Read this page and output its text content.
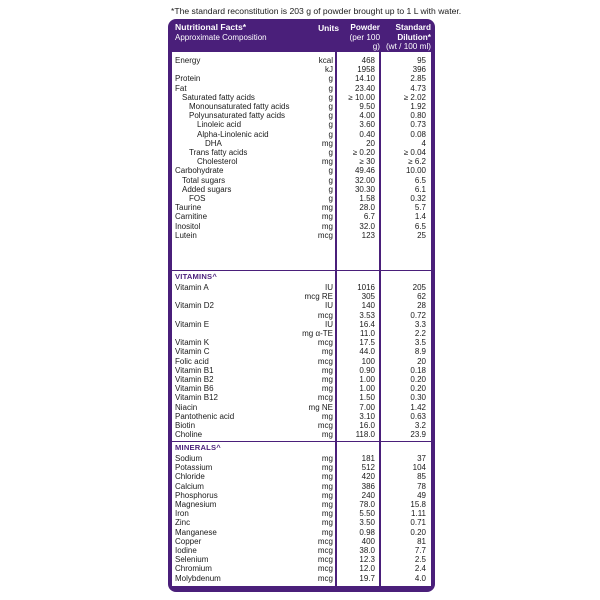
*The standard reconstitution is 203 g of powder brought up to 1 L with water.
Nutritional Facts*
Approximate Composition
Units	Powder
(per 100 g)
Standard
Dilution*
(wt / 100 ml)
Energy	kcal	468	95
kJ	1958	396
Protein	g	14.10	2.85
Fat	g	23.40	4.73
Saturated fatty acids	g	≥ 10.00	≥ 2.02
Monounsaturated fatty acids	g	9.50	1.92
Polyunsaturated fatty acids	g	4.00	0.80
Linoleic acid	g	3.60	0.73
Alpha-Linolenic acid	g	0.40	0.08
DHA	mg	20	4
Trans fatty acids	g	≥ 0.20	≥ 0.04
Cholesterol	mg	≥ 30	≥ 6.2
Carbohydrate	g	49.46	10.00
Total sugars	g	32.00	6.5
Added sugars	g	30.30	6.1
FOS	g	1.58	0.32
Taurine	mg	28.0	5.7
Carnitine	mg	6.7	1.4
Inositol	mg	32.0	6.5
Lutein	mcg	123	25
VITAMINS^
Vitamin A	IU	1016	205
mcg RE	305	62
Vitamin D2	IU	140	28
mcg	3.53	0.72
Vitamin E	IU	16.4	3.3
mg α-TE	11.0	2.2
Vitamin K	mcg	17.5	3.5
Vitamin C	mg	44.0	8.9
Folic acid	mcg	100	20
Vitamin B1	mg	0.90	0.18
Vitamin B2	mg	1.00	0.20
Vitamin B6	mg	1.00	0.20
Vitamin B12	mcg	1.50	0.30
Niacin	mg NE	7.00	1.42
Pantothenic acid	mg	3.10	0.63
Biotin	mcg	16.0	3.2
Choline	mg	118.0	23.9
MINERALS^
Sodium	mg	181	37
Potassium	mg	512	104
Chloride	mg	420	85
Calcium	mg	386	78
Phosphorus	mg	240	49
Magnesium	mg	78.0	15.8
Iron	mg	5.50	1.11
Zinc	mg	3.50	0.71
Manganese	mg	0.98	0.20
Copper	mcg	400	81
Iodine	mcg	38.0	7.7
Selenium	mcg	12.3	2.5
Chromium	mcg	12.0	2.4
Molybdenum	mcg	19.7	4.0
